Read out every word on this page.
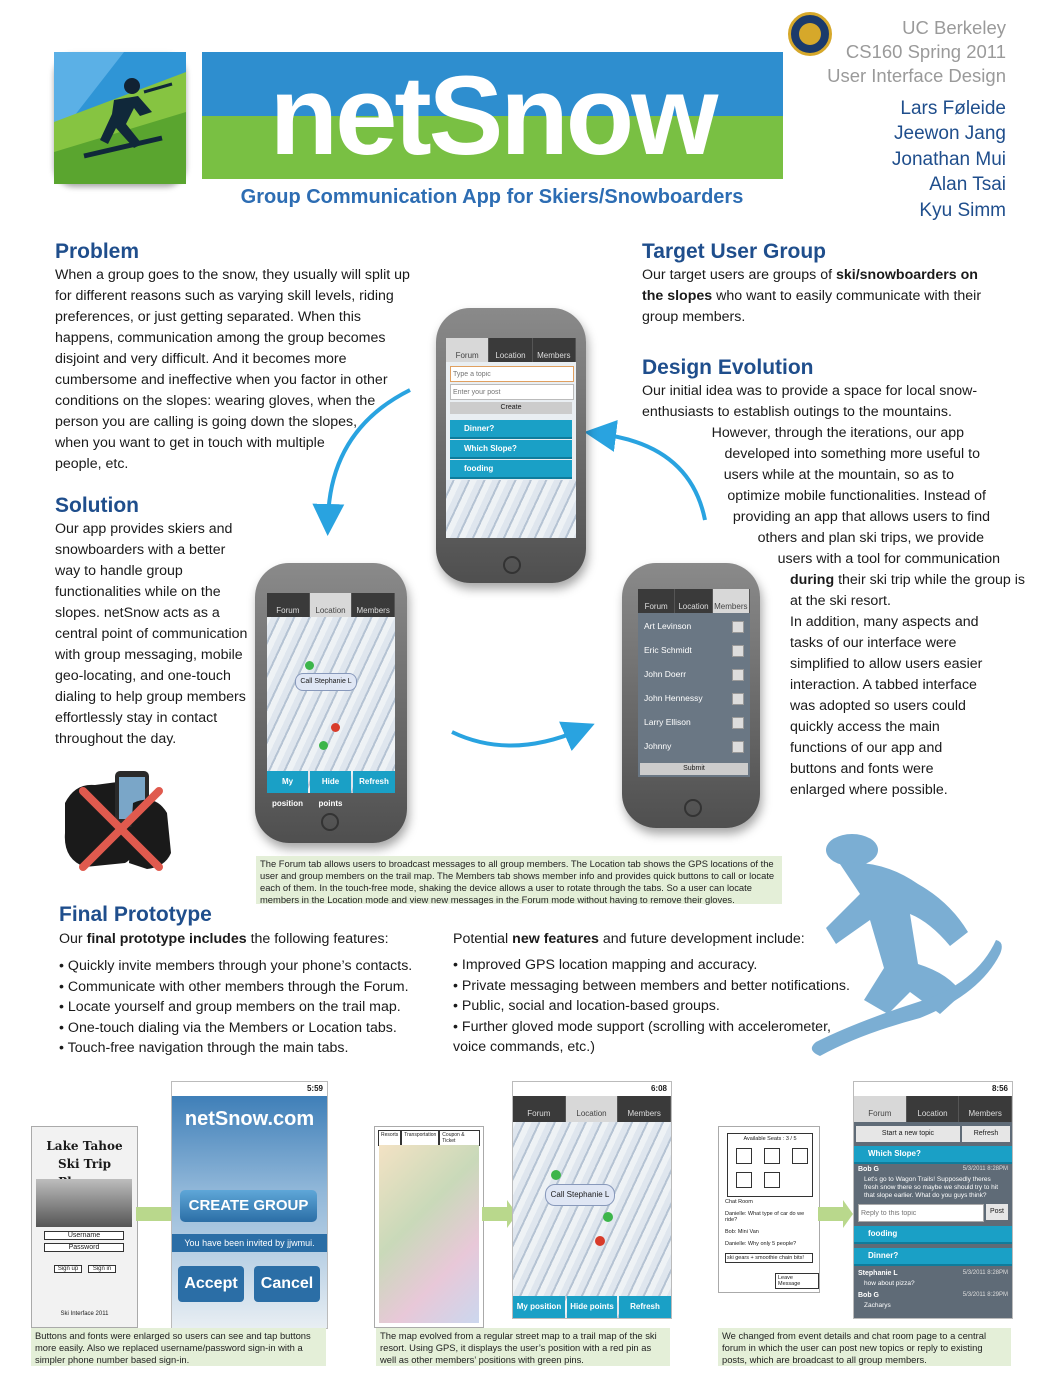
netSnow
Group Communication App for Skiers/Snowboarders
UC Berkeley
CS160 Spring 2011
User Interface Design
Lars Føleide
Jeewon Jang
Jonathan Mui
Alan Tsai
Kyu Simm
Problem
When a group goes to the snow, they usually will split up
for different reasons such as varying skill levels, riding
preferences, or just getting separated. When this
happens, communication among the group becomes
disjoint and very difficult. And it becomes more
cumbersome and ineffective when you factor in other
conditions on the slopes: wearing gloves, when the
person you are calling is going down the slopes,
when you want to get in touch with multiple
people, etc.
Solution
Our app provides skiers and
snowboarders with a better
way to handle group
functionalities while on the
slopes. netSnow acts as a
central point of communication
with group messaging, mobile
geo-locating, and one-touch
dialing to help group members
effortlessly stay in contact
throughout the day.
Target User Group
Our target users are groups of ski/snowboarders on the slopes who want to easily communicate with their group members.
Design Evolution
Our initial idea was to provide a space for local snow-
enthusiasts to establish outings to the mountains.
However, through the iterations, our app
developed into something more useful to
users while at the mountain, so as to
optimize mobile functionalities. Instead of
providing an app that allows users to find
others and plan ski trips, we provide
users with a tool for communication
during their ski trip while the group is
at the ski resort.
In addition, many aspects and
tasks of our interface were
simplified to allow users easier
interaction. A tabbed interface
was adopted so users could
quickly access the main
functions of our app and
buttons and fonts were
enlarged where possible.
Forum	Location	Members
Type a topic
Enter your post
Create
Dinner?
Which Slope?
fooding
Forum	Location	Members
Call Stephanie L
My position
Hide points
Refresh
Forum	Location Members
Art Levinson
Eric Schmidt
John Doerr
John Hennessy
Larry Ellison
Johnny
Submit
The Forum tab allows users to broadcast messages to all group members. The Location tab shows the GPS locations of the user and group members on the trail map. The Members tab shows member info and provides quick buttons to call or locate each of them. In the touch-free mode, shaking the device allows a user to rotate through the tabs. So a user can locate members in the Location mode and view new messages in the Forum mode without having to remove their gloves.
Final Prototype
Our final prototype includes the following features:
• Quickly invite members through your phone’s contacts.
• Communicate with other members through the Forum.
• Locate yourself and group members on the trail map.
• One-touch dialing via the Members or Location tabs.
• Touch-free navigation through the main tabs.
Potential new features and future development include:
• Improved GPS location mapping and accuracy.
• Private messaging between members and better notifications.
• Public, social and location-based groups.
• Further gloved mode support (scrolling with accelerometer,
voice commands, etc.)
Lake Tahoe
Ski Trip
Username
Password
Sign up	Sign in
Ski Interface 2011
5:59
netSnow.com
CREATE GROUP
You have been invited by jjwmui.
Accept	Cancel
Buttons and fonts were enlarged so users can see and tap buttons more easily. Also we replaced username/password sign-in with a simpler phone number based sign-in.
Resorts	Transportation	Coupon & Ticket
6:08
Forum	Location	Members
Call Stephanie L
My position	Hide points	Refresh
The map evolved from a regular street map to a trail map of the ski resort. Using GPS, it displays the user’s position with a red pin as well as other members’ positions with green pins.
Available Seats : 3 / 5
Chat Room
Danielle: What type of car do we ride?
Bob: Mini Van
Danielle: Why only 5 people?
ski gears + smoothie chain bits!
Leave Message
8:56
Forum	Location	Members
Start a new topic	Refresh
Which Slope?
Bob G	5/3/2011 8:28PM
Let's go to Wagon Trails! Supposedly theres fresh snow there so maybe we should try to hit that slope earlier. What do you guys think?
Reply to this topic
Post
fooding
Dinner?
Stephanie L	5/3/2011 8:28PM
how about pizza?
Bob G	5/3/2011 8:29PM
Zacharys
We changed from event details and chat room page to a central forum in which the user can post new topics or reply to existing posts, which are broadcast to all group members.
